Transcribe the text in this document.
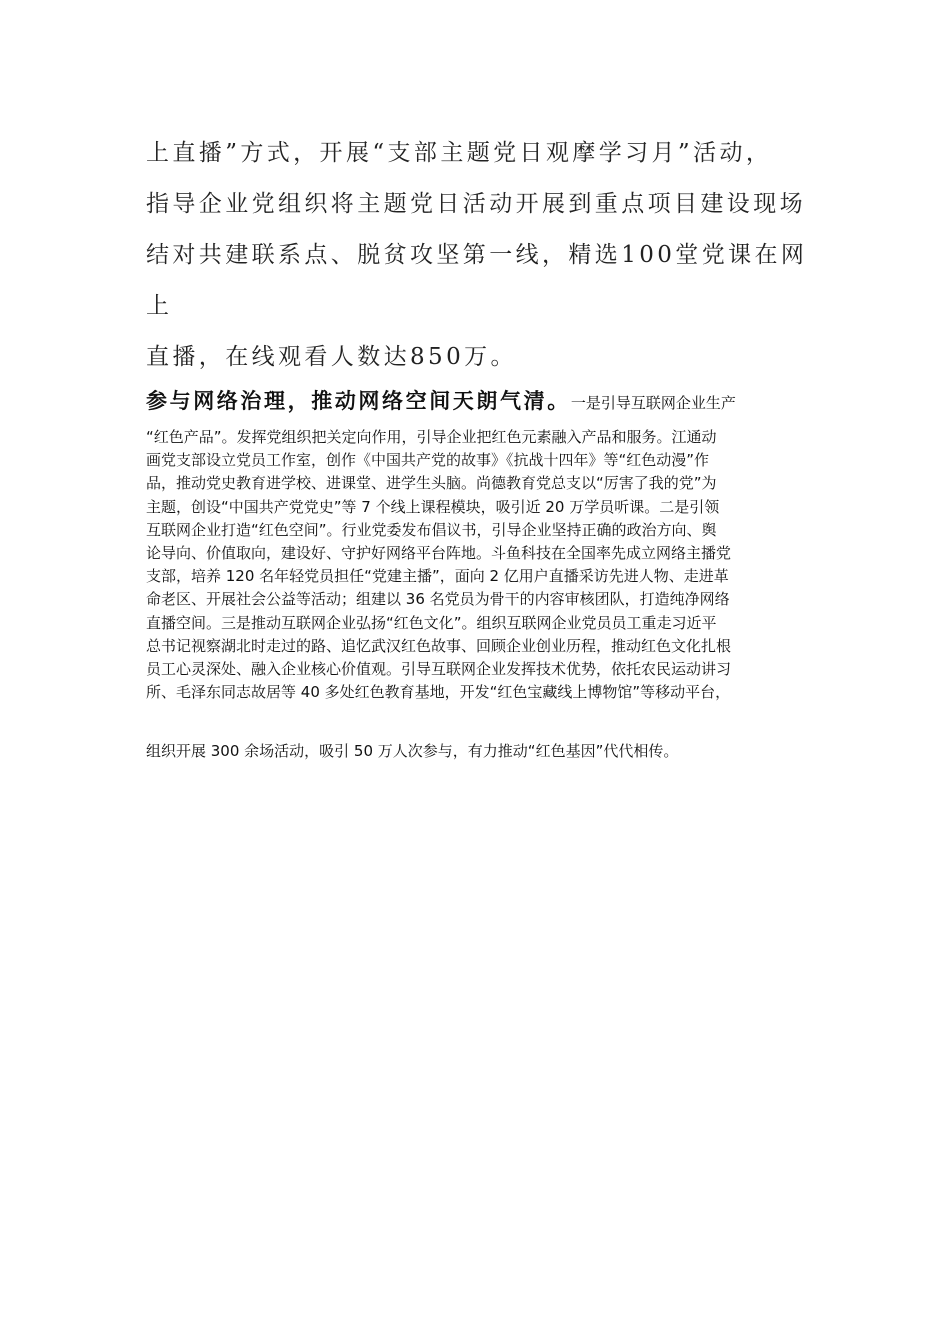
上直播”方式，开展“支部主题党日观摩学习月”活动，
指导企业党组织将主题党日活动开展到重点项目建设现场
结对共建联系点、脱贫攻坚第一线，精选100堂党课在网上
直播，在线观看人数达850万。
参与网络治理，推动网络空间天朗气清。一是引导互联网企业生产
“红色产品”。发挥党组织把关定向作用，引导企业把红色元素融入产品和服务。江通动
画党支部设立党员工作室，创作《中国共产党的故事》《抗战十四年》等“红色动漫”作
品，推动党史教育进学校、进课堂、进学生头脑。尚德教育党总支以“厉害了我的党”为
主题，创设“中国共产党党史”等 7 个线上课程模块，吸引近 20 万学员听课。二是引领
互联网企业打造“红色空间”。行业党委发布倡议书，引导企业坚持正确的政治方向、舆
论导向、价值取向，建设好、守护好网络平台阵地。斗鱼科技在全国率先成立网络主播党
支部，培养 120 名年轻党员担任“党建主播”，面向 2 亿用户直播采访先进人物、走进革
命老区、开展社会公益等活动；组建以 36 名党员为骨干的内容审核团队，打造纯净网络
直播空间。三是推动互联网企业弘扬“红色文化”。组织互联网企业党员员工重走习近平
总书记视察湖北时走过的路、追忆武汉红色故事、回顾企业创业历程，推动红色文化扎根
员工心灵深处、融入企业核心价值观。引导互联网企业发挥技术优势，依托农民运动讲习
所、毛泽东同志故居等 40 多处红色教育基地，开发“红色宝藏线上博物馆”等移动平台，
组织开展 300 余场活动，吸引 50 万人次参与，有力推动“红色基因”代代相传。
